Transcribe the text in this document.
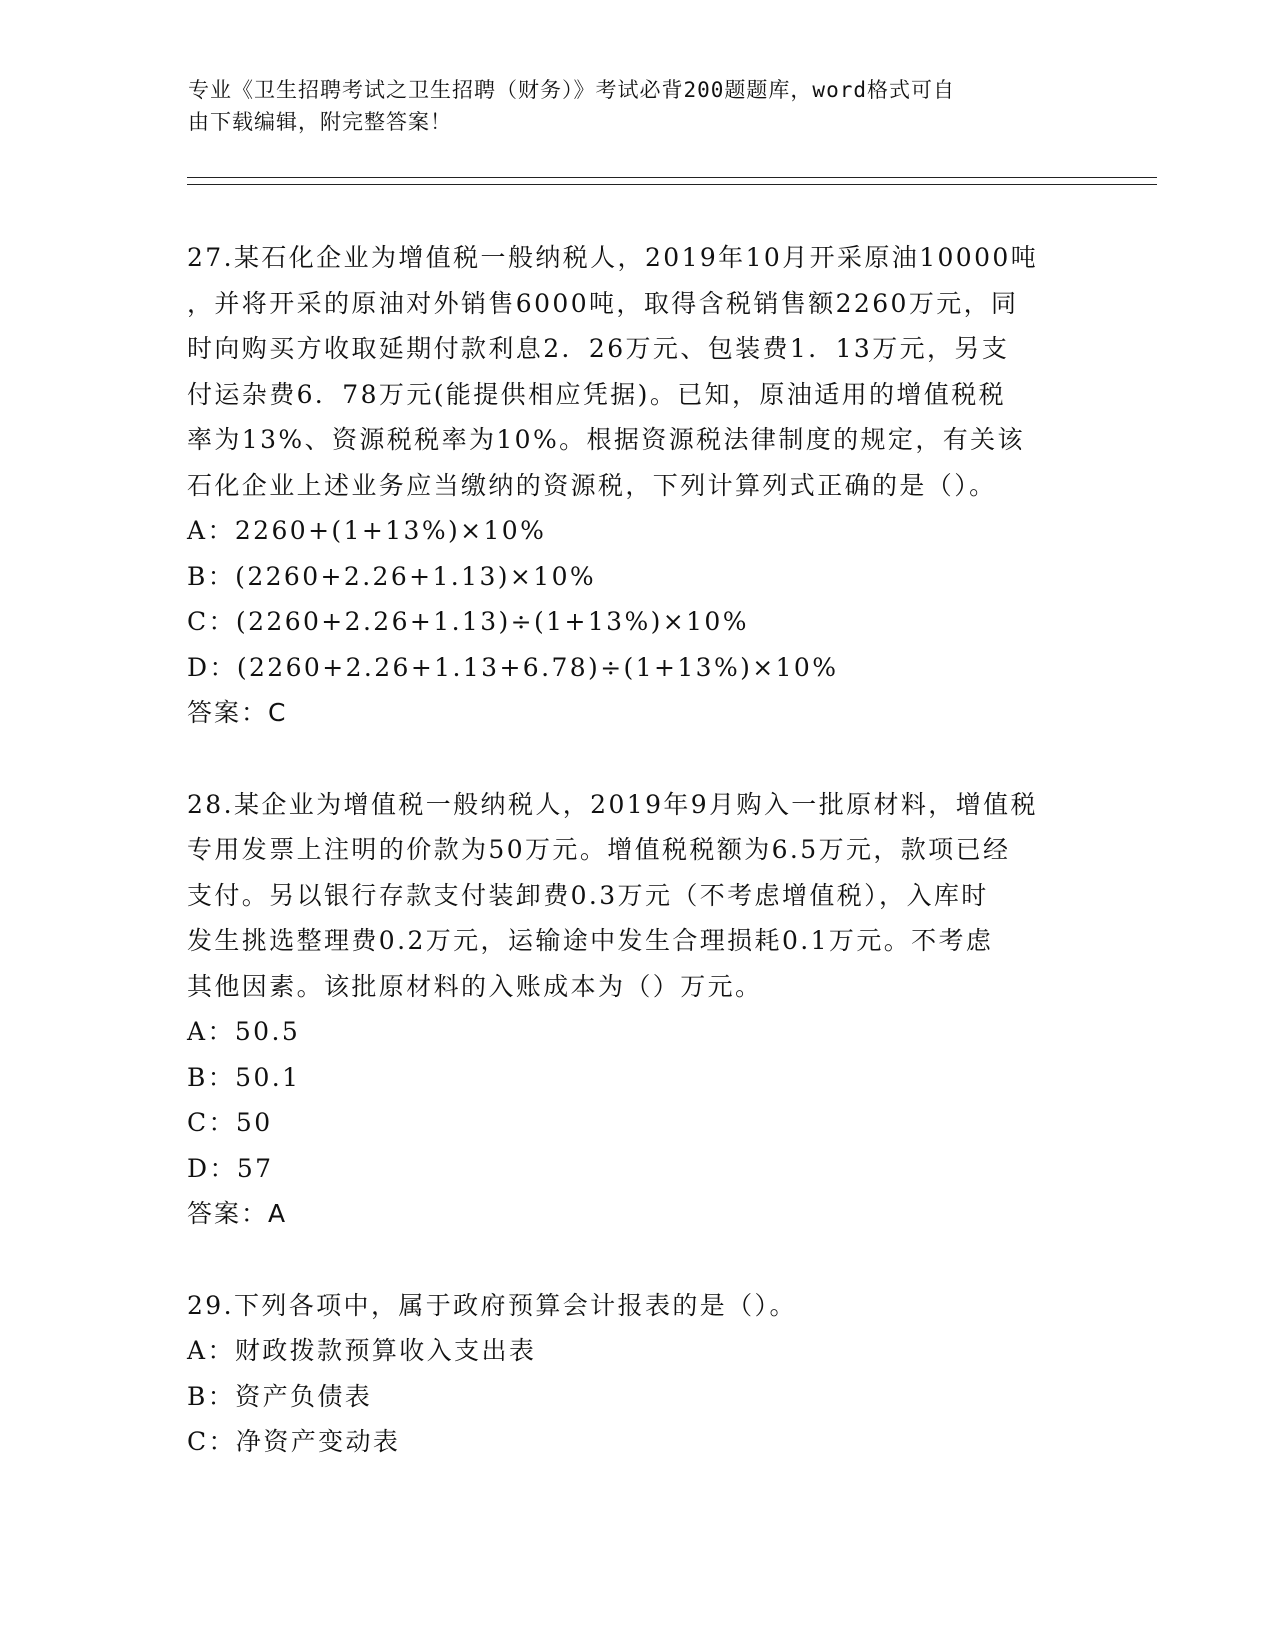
专业《卫生招聘考试之卫生招聘（财务）》考试必背200题题库，word格式可自
由下载编辑，附完整答案！

27.某石化企业为增值税一般纳税人，2019年10月开采原油10000吨

，并将开采的原油对外销售6000吨，取得含税销售额2260万元，同

时向购买方收取延期付款利息2．26万元、包装费1．13万元，另支

付运杂费6．78万元(能提供相应凭据)。已知，原油适用的增值税税

率为13%、资源税税率为10%。根据资源税法律制度的规定，有关该

石化企业上述业务应当缴纳的资源税，下列计算列式正确的是（）。

A：2260+(1+13%)×10%

B：(2260+2.26+1.13)×10%

C：(2260+2.26+1.13)÷(1+13%)×10%

D：(2260+2.26+1.13+6.78)÷(1+13%)×10%

答案：C

28.某企业为增值税一般纳税人，2019年9月购入一批原材料，增值税

专用发票上注明的价款为50万元。增值税税额为6.5万元，款项已经

支付。另以银行存款支付装卸费0.3万元（不考虑增值税），入库时

发生挑选整理费0.2万元，运输途中发生合理损耗0.1万元。不考虑

其他因素。该批原材料的入账成本为（）万元。

A：50.5

B：50.1

C：50

D：57

答案：A

29.下列各项中，属于政府预算会计报表的是（）。

A：财政拨款预算收入支出表

B：资产负债表

C：净资产变动表
